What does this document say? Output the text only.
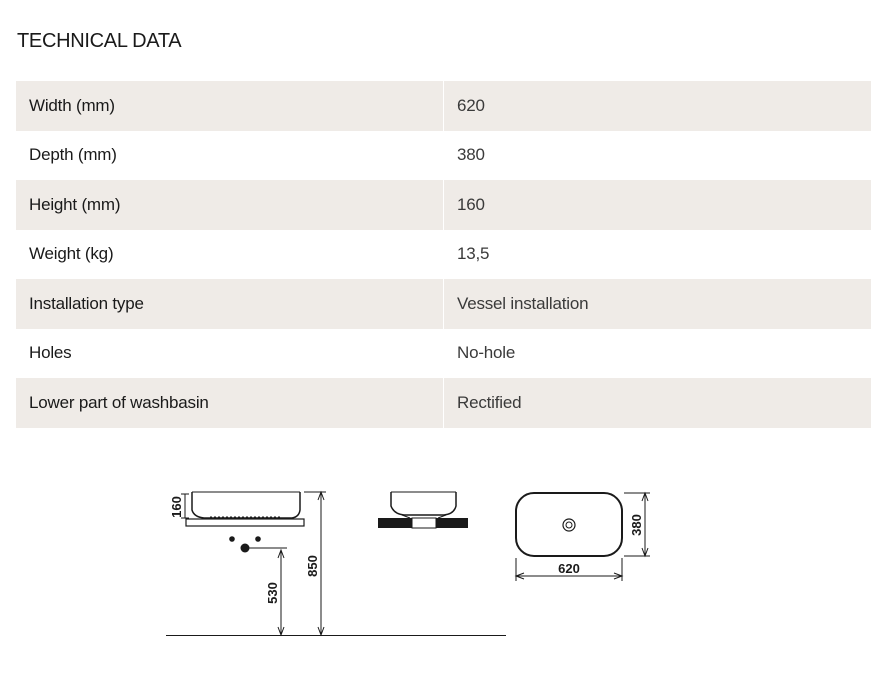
TECHNICAL DATA
Width (mm)	620
Depth (mm)	380
Height (mm)	160
Weight (kg)	13,5
Installation type	Vessel installation
Holes	No-hole
Lower part of washbasin	Rectified
160
850
530
380
620
